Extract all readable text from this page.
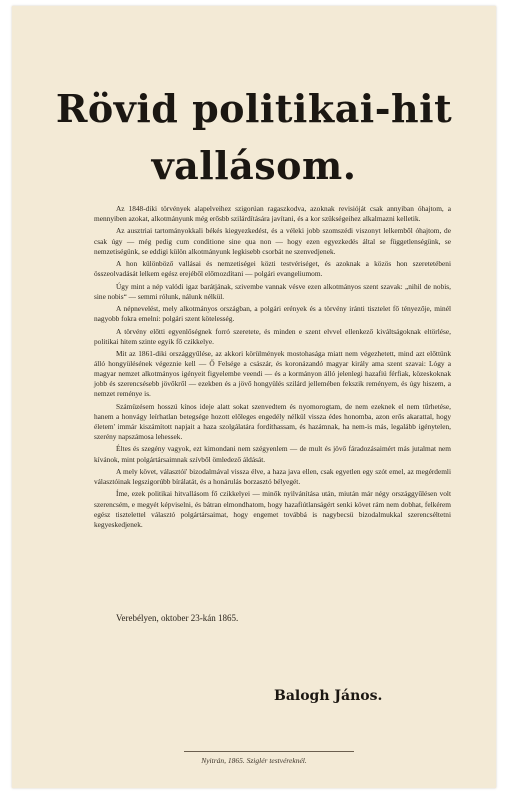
Rövid politikai-hit
vallásom.

Az 1848-diki törvények alapelveihez szigorúan ragaszkodva, azoknak revisióját csak annyiban óhajtom, a mennyiben azokat, alkotmányunk még erősbb szilárdítására javítani, és a kor szükségeihez alkalmazni kelletik.

Az ausztriai tartományokkali békés kiegyezkedést, és a véleki jobb szomszédi viszonyt lelkemből óhajtom, de csak úgy — még pedig cum conditione sine qua non — hogy ezen egyezkedés által se függetlenségünk, se nemzetiségünk, se eddigi külön alkotmányunk legkisebb csorbát ne szenvedjenek.

A hon különböző vallásai és nemzetiségei közti testvériséget, és azoknak a közös hon szeretetébeni összeolvadását lelkem egész erejéből előmozdítani — polgári evangeliumom.

Úgy mint a nép valódi igaz barátjának, szivembe vannak vésve ezen alkotmányos szent szavak: „nihil de nobis, sine nobis“ — semmi rólunk, nálunk nélkül.

A népnevelést, mely alkotmányos országban, a polgári erények és a törvény iránti tisztelet fő tényezője, minél nagyobb fokra emelni: polgári szent kötelesség.

A törvény előtti egyenlőségnek forró szeretete, és minden e szent elvvel ellenkező kiváltságoknak eltörlése, politikai hitem szinte egyik fő czikkelye.

Mit az 1861-diki országgyűlése, az akkori körülmények mostohasága miatt nem végezhetett, mind azt előttünk álló hongyülésének végeznie kell — Ő Felsége a császár, és koronázandó magyar király ama szent szavai: Lógy a magyar nemzet alkotmányos igényeit figyelembe veendi — és a kormányon álló jelenlegi hazafiú férfiak, közeskoknak jobb és szerencsésebb jövőkről — ezekben és a jövő hongyülés szilárd jellemében fekszik reményem, és úgy hiszem, a nemzet reménye is.

Számüzésem hosszú kínos ideje alatt sokat szenvedtem és nyomorogtam, de nem ezeknek el nem tűrhetése, hanem a honvágy leírhatlan betegsége hozott előleges engedély nélkül vissza édes honomba, azon erős akarattal, hogy életem' immár kiszámított napjait a haza szolgálatára fordíthassam, és hazámnak, ha nem-is más, legalább igénytelen, szerény napszámosa lehessek.

Éltes és szegény vagyok, ezt kimondani nem szégyenlem — de mult és jövő fáradozásaimért más jutalmat nem kívánok, mint polgártársaimnak szívből ömledező áldását.

A mely követ, választói' bizodalmával vissza élve, a haza java ellen, csak egyetlen egy szót emel, az megérdemli választóinak legszigorúbb bírálatát, és a honárulás borzasztó bélyegét.

Íme, ezek politikai hitvallásom fő czikkelyei — minők nyilvánítása után, miután már négy országgyűlésen volt szerencsém, e megyét képviselni, és bátran elmondhatom, hogy hazafiútlanságért senki követ rám nem dobhat, felkérem egész tisztelettel választó polgártársaimat, hogy engemet továbbá is nagybecsü bizodalmukkal szerencséltetni kegyeskedjenek.

Verebélyen, oktober 23-kán 1865.
Balogh János.
Nyitrán, 1865. Sziglér testvéreknél.
